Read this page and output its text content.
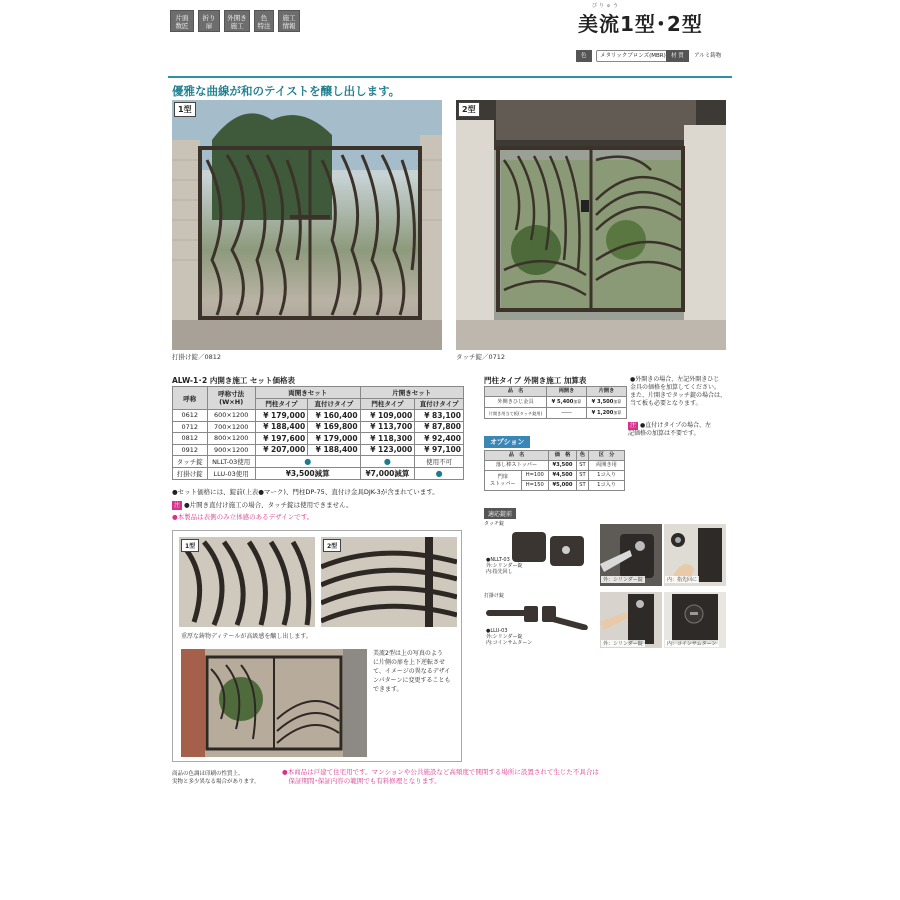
片面
数匠
折り
扉
外開き
施工
色
特注
施工
情報
びりゅう
美流1型･2型
色	メタリックブロンズ(MBR) 材 質	アルミ鋳物
優雅な曲線が和のテイストを醸し出します。
1型
打掛け錠／0812
2型
タッチ錠／0712
ALW-1･2 内開き施工 セット価格表
呼称	呼称寸法
(W×H)	両開きセット		片開きセット	
		門柱タイプ	直付けタイプ	門柱タイプ	直付けタイプ
0612	600×1200	¥ 179,000	¥ 160,400	¥ 109,000	¥ 83,100
0712	700×1200	¥ 188,400	¥ 169,800	¥ 113,700	¥ 87,800
0812	800×1200	¥ 197,600	¥ 179,000	¥ 118,300	¥ 92,400
0912	900×1200	¥ 207,000	¥ 188,400	¥ 123,000	¥ 97,100
タッチ錠	NLLT-03使用	●		●	使用不可
打掛け錠	LLU-03使用	¥3,500減算		¥7,000減算	●
●セット価格には、錠前(上表●マーク)、門柱DP-75、直付け金具DJK-3が含まれています。
注 ●片開き直付け施工の場合、タッチ錠は使用できません。
●本製品は表側のみ立体感のあるデザインです。
門柱タイプ 外開き施工 加算表
品　名	両開き	片開き
外開きひじ金具	¥ 5,400加算	¥ 3,500加算
片開き用当て板(タッチ錠用)	――	¥ 1,200加算
●外開きの場合、左記外開きひじ
金具の価格を加算してください。
また、片開きでタッチ錠の場合は、
当て板も必要となります。
注 ●直付けタイプの場合、左
記価格の加算は不要です。
オプション
品　名		価　格	色	区　分
落し棒ストッパー		¥3,500	ST	両開き用
門扉
ストッパー	H=100	¥4,500	ST	1コ入り
	H=150	¥5,000	ST	1コ入り
適応錠前
タッチ錠
●NLLT-03
外:シリンダー錠
内:指先回し
打掛け錠
●LLU-03
外:シリンダー錠
内:コインサムターン
外：シリンダー錠	内：指先回に
外：シリンダー錠	内：コインサムターン
1型	2型
重厚な鋳物ディテールが高級感を醸し出します。
美流2型は上の写真のよう
に片側の扉を上下逆転させ
て、イメージの異なるデザイ
ンパターンに変更することも
できます。
商品の色調は印刷の性質上、
実物と多少異なる場合があります。
●本商品は戸建て住宅用です。マンションや公共施設など高頻度で開閉する場所に設置されて生じた不具合は
　保証期間･保証内容の範囲でも有料修理となります。
